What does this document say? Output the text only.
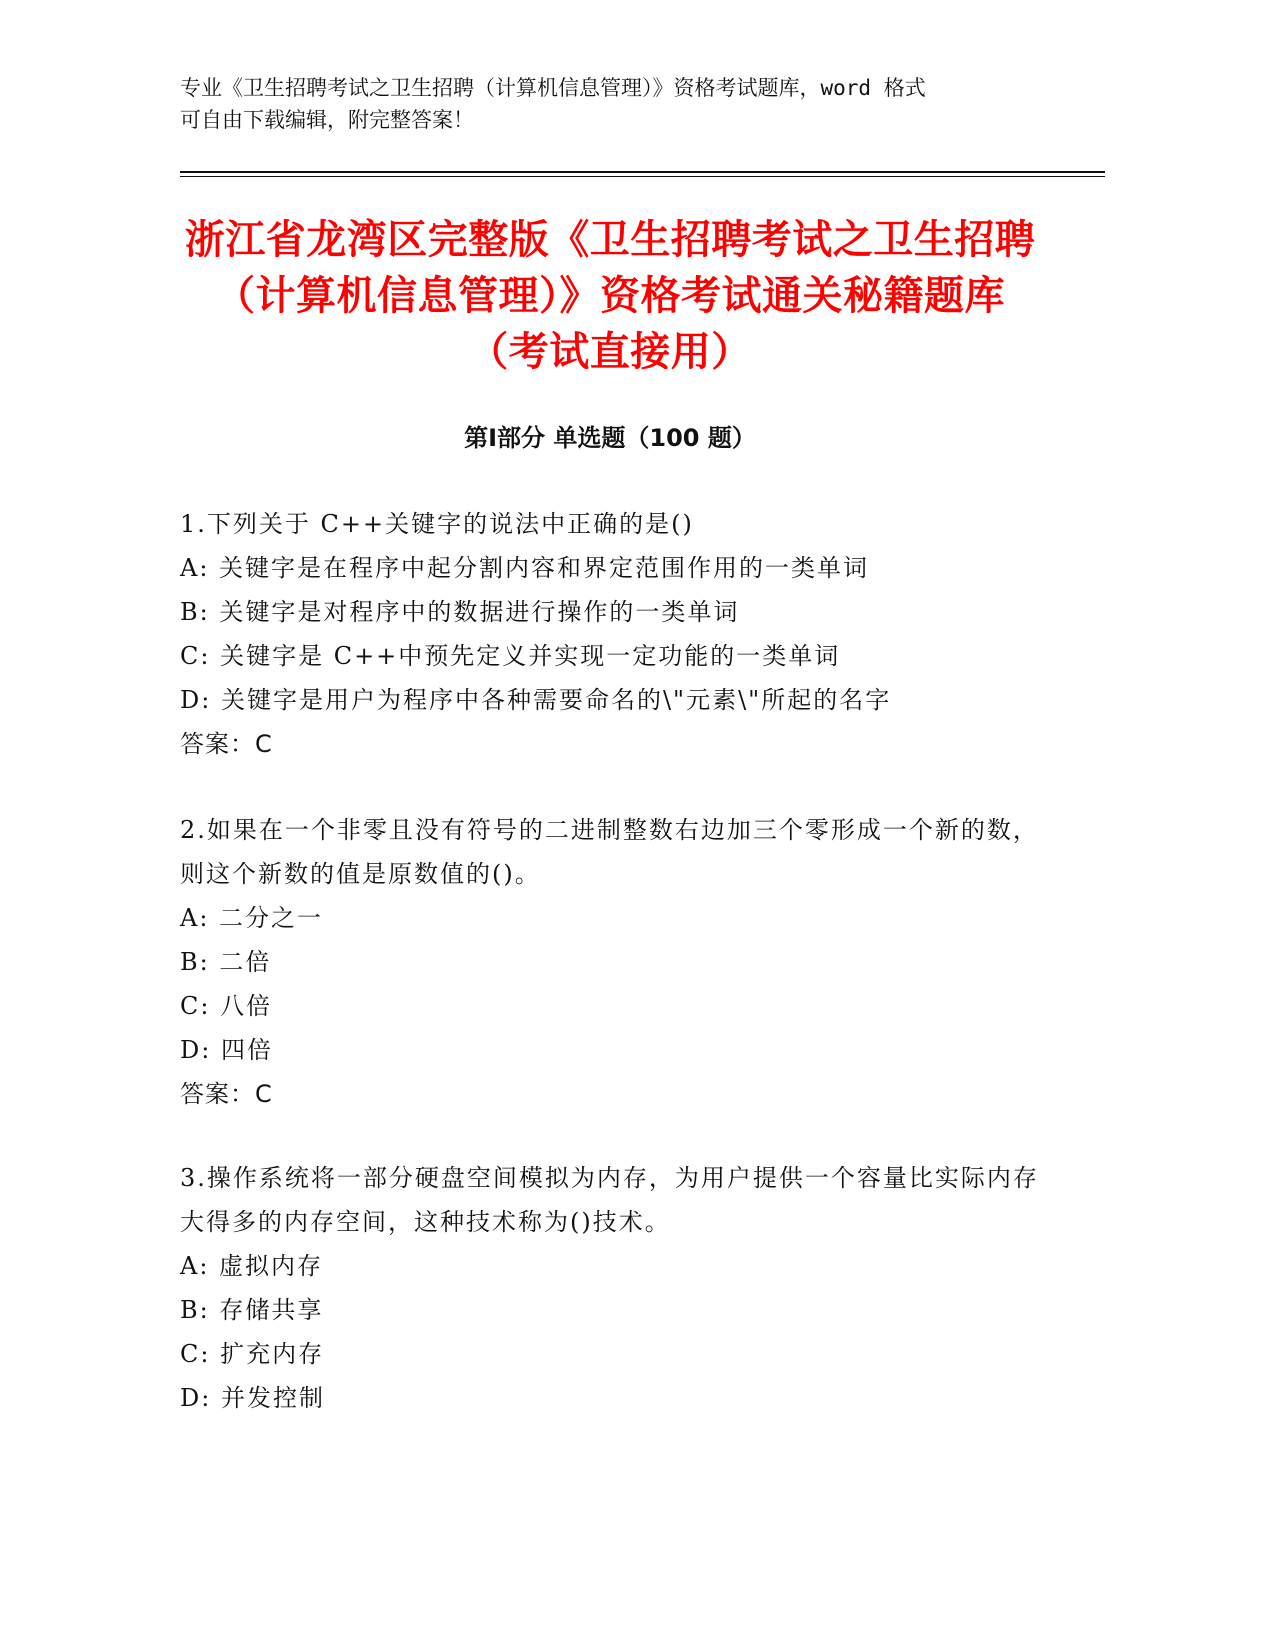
专业《卫生招聘考试之卫生招聘（计算机信息管理）》资格考试题库，word 格式
可自由下载编辑，附完整答案！
浙江省龙湾区完整版《卫生招聘考试之卫生招聘（计算机信息管理）》资格考试通关秘籍题库（考试直接用）
第Ⅰ部分 单选题（100 题）

1.下列关于 C++关键字的说法中正确的是()

A: 关键字是在程序中起分割内容和界定范围作用的一类单词

B: 关键字是对程序中的数据进行操作的一类单词

C: 关键字是 C++中预先定义并实现一定功能的一类单词

D: 关键字是用户为程序中各种需要命名的\"元素\"所起的名字

答案：C

2.如果在一个非零且没有符号的二进制整数右边加三个零形成一个新的数，则这个新数的值是原数值的()。

A: 二分之一

B: 二倍

C: 八倍

D: 四倍

答案：C

3.操作系统将一部分硬盘空间模拟为内存，为用户提供一个容量比实际内存大得多的内存空间，这种技术称为()技术。

A: 虚拟内存

B: 存储共享

C: 扩充内存

D: 并发控制
